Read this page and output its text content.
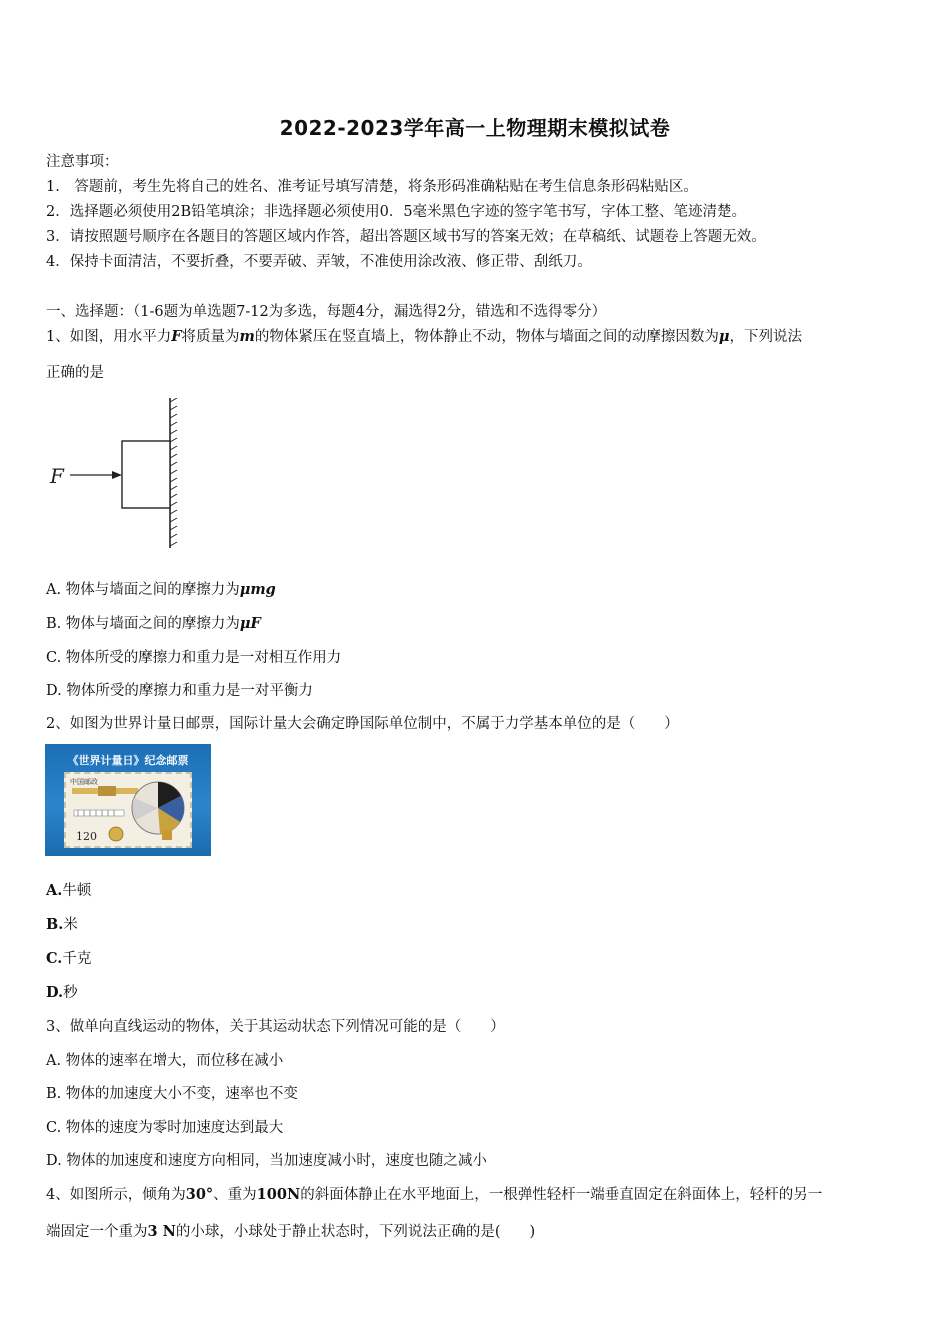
2022-2023学年高一上物理期末模拟试卷
注意事项：
1.　答题前，考生先将自己的姓名、准考证号填写清楚，将条形码准确粘贴在考生信息条形码粘贴区。
2．选择题必须使用2B铅笔填涂；非选择题必须使用0．5毫米黑色字迹的签字笔书写，字体工整、笔迹清楚。
3．请按照题号顺序在各题目的答题区域内作答，超出答题区域书写的答案无效；在草稿纸、试题卷上答题无效。
4．保持卡面清洁，不要折叠，不要弄破、弄皱，不准使用涂改液、修正带、刮纸刀。
一、选择题：（1-6题为单选题7-12为多选，每题4分，漏选得2分，错选和不选得零分）
1、如图，用水平力F将质量为m的物体紧压在竖直墙上，物体静止不动，物体与墙面之间的动摩擦因数为μ，下列说法
正确的是
F
A. 物体与墙面之间的摩擦力为μmg
B. 物体与墙面之间的摩擦力为μF
C. 物体所受的摩擦力和重力是一对相互作用力
D. 物体所受的摩擦力和重力是一对平衡力
2、如图为世界计量日邮票，国际计量大会确定睁国际单位制中，不属于力学基本单位的是（　　）
《世界计量日》纪念邮票
中国邮政
120
A.牛顿
B.米
C.千克
D.秒
3、做单向直线运动的物体，关于其运动状态下列情况可能的是（　　）
A. 物体的速率在增大，而位移在减小
B. 物体的加速度大小不变，速率也不变
C. 物体的速度为零时加速度达到最大
D. 物体的加速度和速度方向相同，当加速度减小时，速度也随之减小
4、如图所示，倾角为30°、重为100N的斜面体静止在水平地面上，一根弹性轻杆一端垂直固定在斜面体上，轻杆的另一
端固定一个重为3 N的小球，小球处于静止状态时，下列说法正确的是(　　)
